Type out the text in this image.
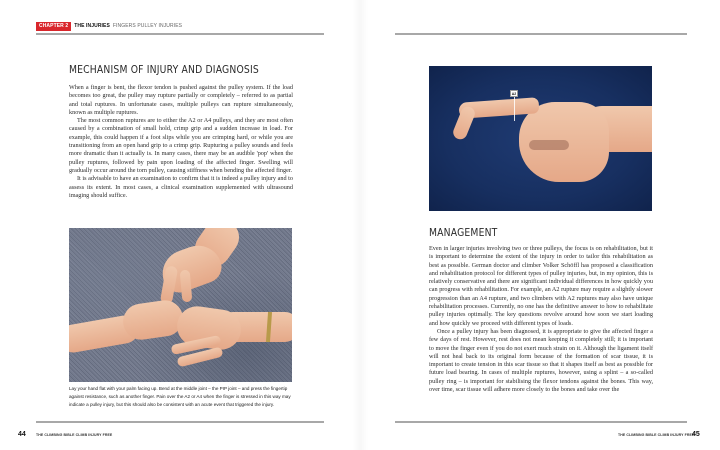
CHAPTER 2	THE INJURIES FINGERS PULLEY INJURIES
MECHANISM OF INJURY AND DIAGNOSIS

When a finger is bent, the flexor tendon is pushed against the pulley system. If the load becomes too great, the pulley may rupture partially or completely – referred to as partial and total ruptures. In unfortunate cases, multiple pulleys can rupture simultaneously, known as multiple ruptures.

The most common ruptures are to either the A2 or A4 pulleys, and they are most often caused by a combination of small hold, crimp grip and a sudden increase in load. For example, this could happen if a foot slips while you are crimping hard, or while you are transitioning from an open hand grip to a crimp grip. Rupturing a pulley sounds and feels more dramatic than it actually is. In many cases, there may be an audible 'pop' when the pulley ruptures, followed by pain upon loading of the affected finger. Swelling will gradually occur around the torn pulley, causing stiffness when bending the affected finger.

It is advisable to have an examination to confirm that it is indeed a pulley injury and to assess its extent. In most cases, a clinical examination supplemented with ultrasound imaging should suffice.

Lay your hand flat with your palm facing up. Bend at the middle joint – the PIP joint – and press the fingertip against resistance, such as another finger. Pain over the A2 or A4 when the finger is stressed in this way may indicate a pulley injury, but this should also be consistent with an acute event that triggered the injury.
44	THE CLIMBING BIBLE CLIMB INJURY FREE
A2
MANAGEMENT

Even in larger injuries involving two or three pulleys, the focus is on rehabilitation, but it is important to determine the extent of the injury in order to tailor this rehabilitation as best as possible. German doctor and climber Volker Schöffl has proposed a classification and rehabilitation protocol for different types of pulley injuries, but, in my opinion, this is relatively conservative and there are significant individual differences in how quickly you can progress with rehabilitation. For example, an A2 rupture may require a slightly slower progression than an A4 rupture, and two climbers with A2 ruptures may also have unique rehabilitation processes. Currently, no one has the definitive answer to how to rehabilitate pulley injuries optimally. The key questions revolve around how soon we start loading and how quickly we proceed with different types of loads.

Once a pulley injury has been diagnosed, it is appropriate to give the affected finger a few days of rest. However, rest does not mean keeping it completely still; it is important to move the finger even if you do not exert much strain on it. Although the ligament itself will not heal back to its original form because of the formation of scar tissue, it is important to create tension in this scar tissue so that it shapes itself as best as possible for future load bearing. In cases of multiple ruptures, however, using a splint – a so-called pulley ring – is important for stabilising the flexor tendons against the bones. This way, over time, scar tissue will adhere more closely to the bones and take over the

THE CLIMBING BIBLE CLIMB INJURY FREE
45
